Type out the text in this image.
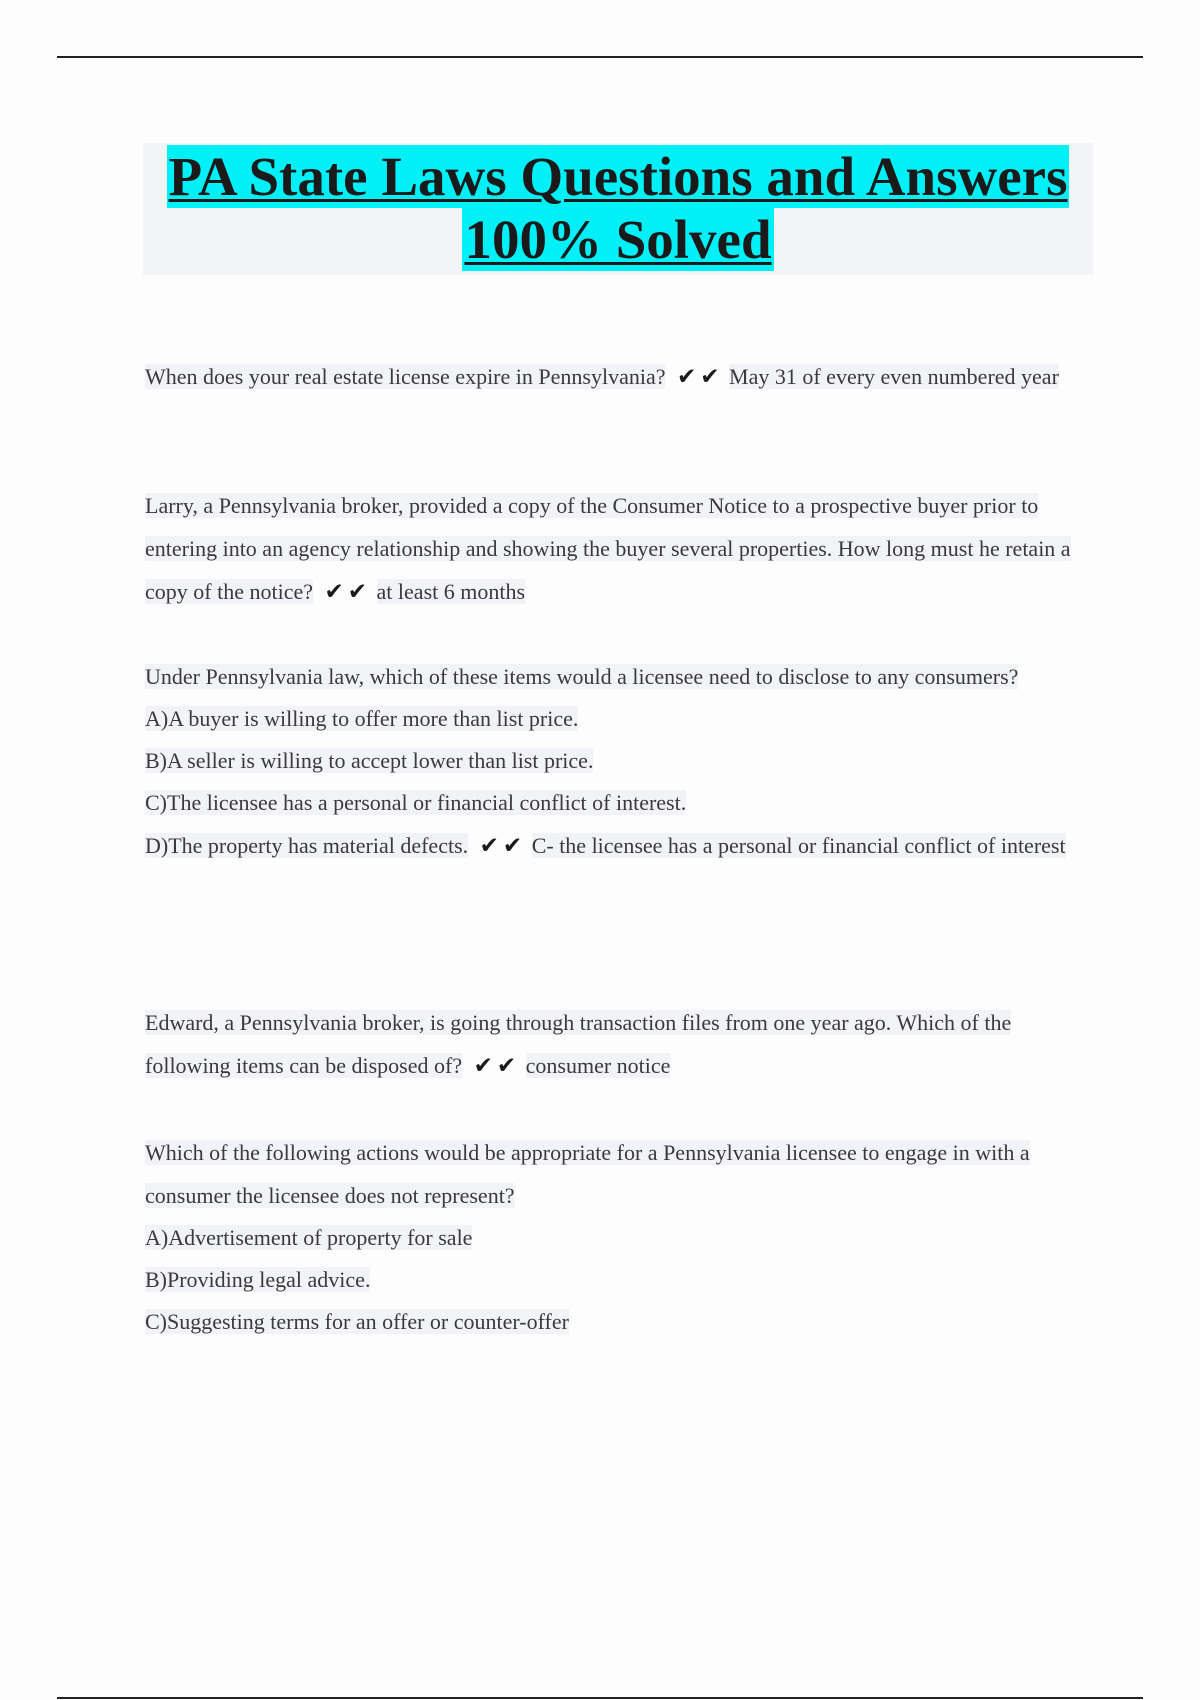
PA State Laws Questions and Answers
100% Solved

When does your real estate license expire in Pennsylvania? ✔✔ May 31 of every even numbered year

Larry, a Pennsylvania broker, provided a copy of the Consumer Notice to a prospective buyer prior to entering into an agency relationship and showing the buyer several properties. How long must he retain a copy of the notice? ✔✔ at least 6 months

Under Pennsylvania law, which of these items would a licensee need to disclose to any consumers?

A)A buyer is willing to offer more than list price.

B)A seller is willing to accept lower than list price.

C)The licensee has a personal or financial conflict of interest.

D)The property has material defects. ✔✔ C- the licensee has a personal or financial conflict of interest

Edward, a Pennsylvania broker, is going through transaction files from one year ago. Which of the following items can be disposed of? ✔✔ consumer notice

Which of the following actions would be appropriate for a Pennsylvania licensee to engage in with a consumer the licensee does not represent?

A)Advertisement of property for sale

B)Providing legal advice.

C)Suggesting terms for an offer or counter-offer
